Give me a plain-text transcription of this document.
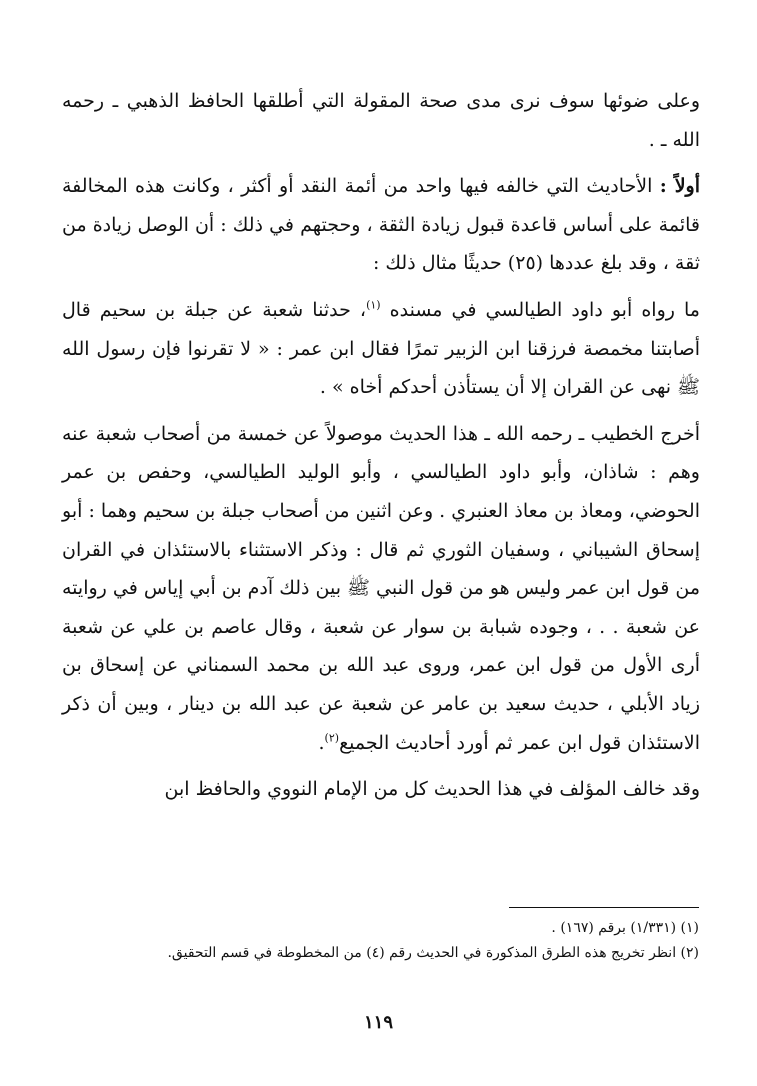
وعلى ضوئها سوف نرى مدى صحة المقولة التي أطلقها الحافظ الذهبي ـ رحمه الله ـ .

أولاً : الأحاديث التي خالفه فيها واحد من أئمة النقد أو أكثر ، وكانت هذه المخالفة قائمة على أساس قاعدة قبول زيادة الثقة ، وحجتهم في ذلك : أن الوصل زيادة من ثقة ، وقد بلغ عددها (٢٥) حديثًا مثال ذلك :

ما رواه أبو داود الطيالسي في مسنده $^{(١)}$، حدثنا شعبة عن جبلة بن سحيم قال أصابتنا مخمصة فرزقنا ابن الزبير تمرًا فقال ابن عمر : « لا تقرنوا فإن رسول الله ﷺ نهى عن القران إلا أن يستأذن أحدكم أخاه » .

أخرج الخطيب ـ رحمه الله ـ هذا الحديث موصولاً عن خمسة من أصحاب شعبة عنه وهم : شاذان، وأبو داود الطيالسي ، وأبو الوليد الطيالسي، وحفص بن عمر الحوضي، ومعاذ بن معاذ العنبري . وعن اثنين من أصحاب جبلة بن سحيم وهما : أبو إسحاق الشيباني ، وسفيان الثوري ثم قال : وذكر الاستثناء بالاستئذان في القران من قول ابن عمر وليس هو من قول النبي ﷺ بين ذلك آدم بن أبي إياس في روايته عن شعبة . . ، وجوده شبابة بن سوار عن شعبة ، وقال عاصم بن علي عن شعبة أرى الأول من قول ابن عمر، وروى عبد الله بن محمد السمناني عن إسحاق بن زياد الأبلي ، حديث سعيد بن عامر عن شعبة عن عبد الله بن دينار ، وبين أن ذكر الاستئذان قول ابن عمر ثم أورد أحاديث الجميع$^{(٢)}$.

وقد خالف المؤلف في هذا الحديث كل من الإمام النووي والحافظ ابن

(١) (١/٣٣١) برقم (١٦٧) .

(٢) انظر تخريج هذه الطرق المذكورة في الحديث رقم (٤) من المخطوطة في قسم التحقيق.

١١٩
